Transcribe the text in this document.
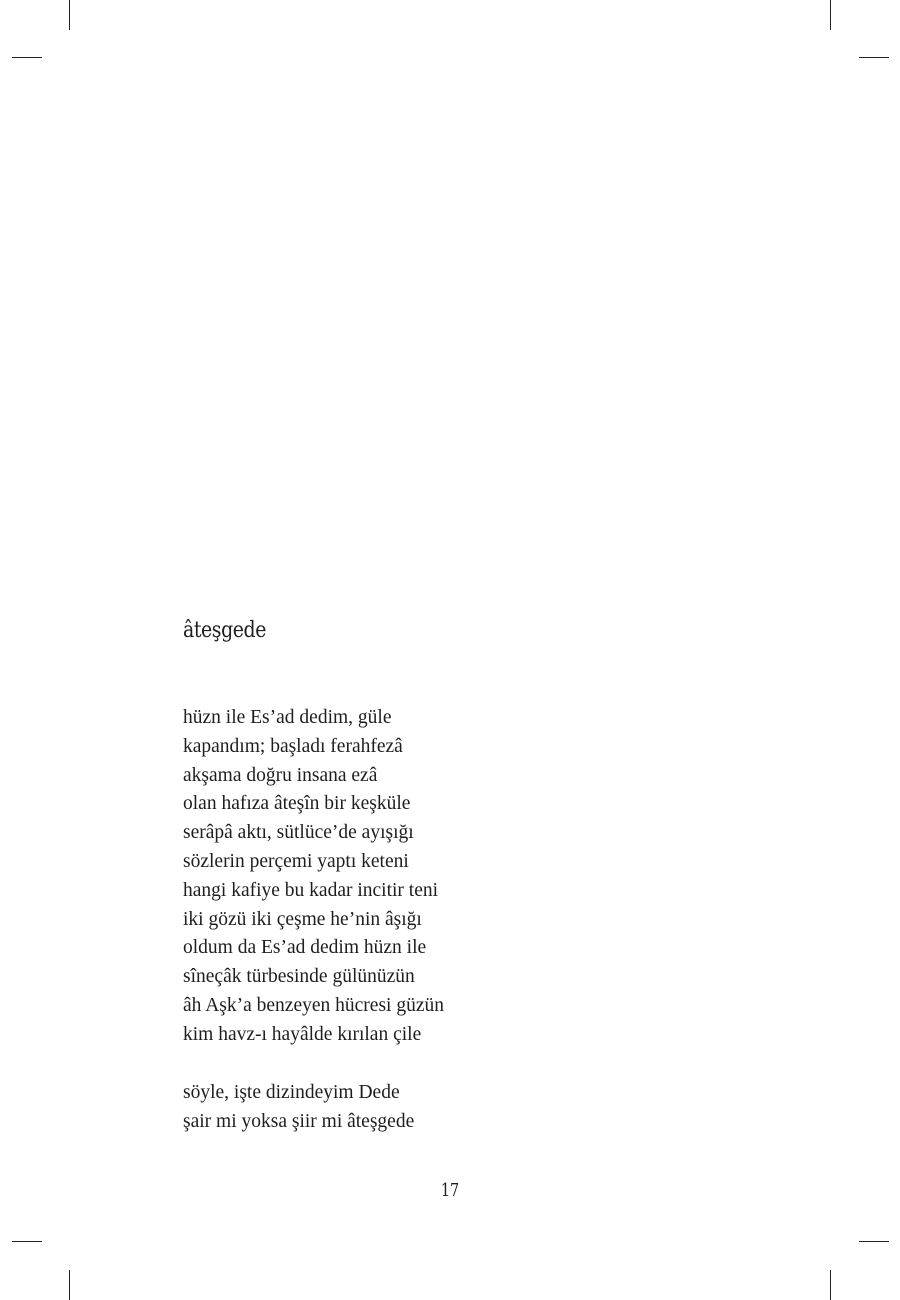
âteşgede
hüzn ile Es’ad dedim, güle
kapandım; başladı ferahfezâ
akşama doğru insana ezâ
olan hafıza âteşîn bir keşküle
serâpâ aktı, sütlüce’de ayışığı
sözlerin perçemi yaptı keteni
hangi kafiye bu kadar incitir teni
iki gözü iki çeşme he’nin âşığı
oldum da Es’ad dedim hüzn ile
sîneçâk türbesinde gülünüzün
âh Aşk’a benzeyen hücresi güzün
kim havz-ı hayâlde kırılan çile
söyle, işte dizindeyim Dede
şair mi yoksa şiir mi âteşgede
17
